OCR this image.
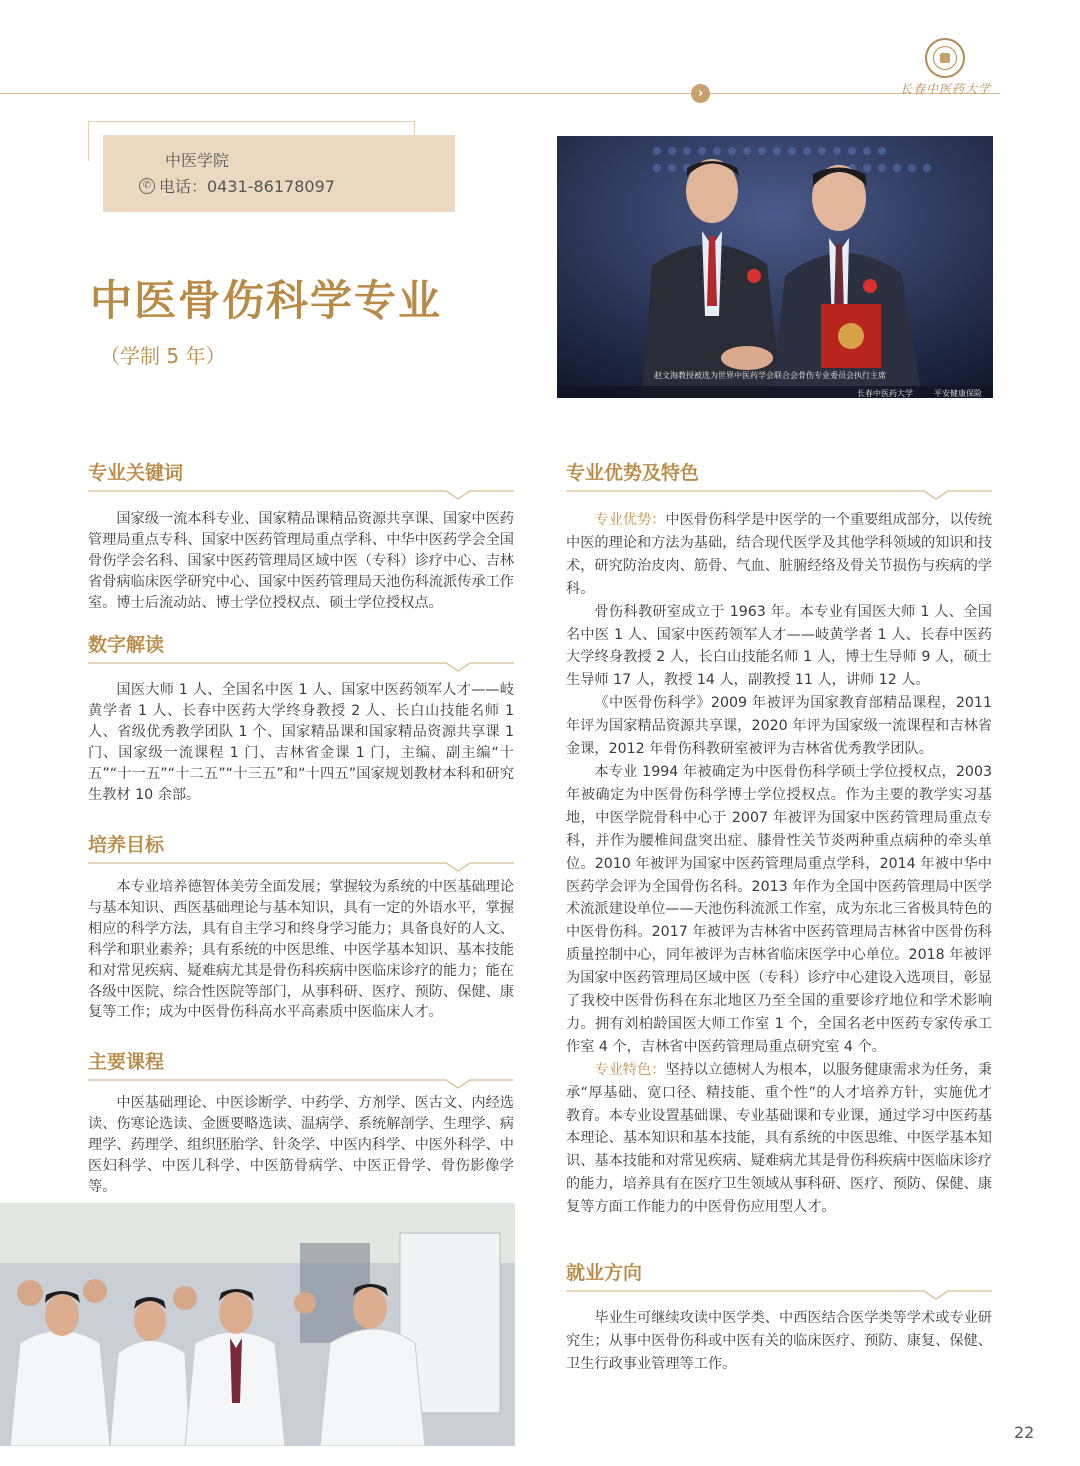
›	长春中医药大学
中医学院
✆ 电话：0431-86178097
中医骨伤科学专业
（学制 5 年）
赵文海教授被选为世界中医药学会联合会骨伤专业委员会执行主席
长春中医药大学	平安健康保险
专业关键词
国家级一流本科专业、国家精品课精品资源共享课、国家中医药管理局重点专科、国家中医药管理局重点学科、中华中医药学会全国骨伤学会名科、国家中医药管理局区域中医（专科）诊疗中心、吉林省骨病临床医学研究中心、国家中医药管理局天池伤科流派传承工作室。博士后流动站、博士学位授权点、硕士学位授权点。
数字解读
国医大师 1 人、全国名中医 1 人、国家中医药领军人才——岐黄学者 1 人、长春中医药大学终身教授 2 人、长白山技能名师 1 人、省级优秀教学团队 1 个、国家精品课和国家精品资源共享课 1 门、国家级一流课程 1 门、吉林省金课 1 门，主编、副主编“十五”“十一五”“十二五”“十三五”和“十四五”国家规划教材本科和研究生教材 10 余部。
培养目标
本专业培养德智体美劳全面发展；掌握较为系统的中医基础理论与基本知识、西医基础理论与基本知识，具有一定的外语水平，掌握相应的科学方法，具有自主学习和终身学习能力；具备良好的人文、科学和职业素养；具有系统的中医思维、中医学基本知识、基本技能和对常见疾病、疑难病尤其是骨伤科疾病中医临床诊疗的能力；能在各级中医院、综合性医院等部门，从事科研、医疗、预防、保健、康复等工作；成为中医骨伤科高水平高素质中医临床人才。
主要课程
中医基础理论、中医诊断学、中药学、方剂学、医古文、内经选读、伤寒论选读、金匮要略选读、温病学、系统解剖学、生理学、病理学、药理学、组织胚胎学、针灸学、中医内科学、中医外科学、中医妇科学、中医儿科学、中医筋骨病学、中医正骨学、骨伤影像学等。
专业优势及特色

专业优势：中医骨伤科学是中医学的一个重要组成部分，以传统中医的理论和方法为基础，结合现代医学及其他学科领域的知识和技术，研究防治皮肉、筋骨、气血、脏腑经络及骨关节损伤与疾病的学科。

骨伤科教研室成立于 1963 年。本专业有国医大师 1 人、全国名中医 1 人、国家中医药领军人才——岐黄学者 1 人、长春中医药大学终身教授 2 人，长白山技能名师 1 人，博士生导师 9 人，硕士生导师 17 人，教授 14 人，副教授 11 人，讲师 12 人。

《中医骨伤科学》2009 年被评为国家教育部精品课程，2011 年评为国家精品资源共享课，2020 年评为国家级一流课程和吉林省金课，2012 年骨伤科教研室被评为吉林省优秀教学团队。

本专业 1994 年被确定为中医骨伤科学硕士学位授权点，2003 年被确定为中医骨伤科学博士学位授权点。作为主要的教学实习基地，中医学院骨科中心于 2007 年被评为国家中医药管理局重点专科，并作为腰椎间盘突出症、膝骨性关节炎两种重点病种的牵头单位。2010 年被评为国家中医药管理局重点学科，2014 年被中华中医药学会评为全国骨伤名科。2013 年作为全国中医药管理局中医学术流派建设单位——天池伤科流派工作室，成为东北三省极具特色的中医骨伤科。2017 年被评为吉林省中医药管理局吉林省中医骨伤科质量控制中心，同年被评为吉林省临床医学中心单位。2018 年被评为国家中医药管理局区域中医（专科）诊疗中心建设入选项目，彰显了我校中医骨伤科在东北地区乃至全国的重要诊疗地位和学术影响力。拥有刘柏龄国医大师工作室 1 个，全国名老中医药专家传承工作室 4 个，吉林省中医药管理局重点研究室 4 个。

专业特色：坚持以立德树人为根本，以服务健康需求为任务，秉承“厚基础、宽口径、精技能、重个性”的人才培养方针，实施优才教育。本专业设置基础课、专业基础课和专业课，通过学习中医药基本理论、基本知识和基本技能，具有系统的中医思维、中医学基本知识、基本技能和对常见疾病、疑难病尤其是骨伤科疾病中医临床诊疗的能力，培养具有在医疗卫生领域从事科研、医疗、预防、保健、康复等方面工作能力的中医骨伤应用型人才。

就业方向
毕业生可继续攻读中医学类、中西医结合医学类等学术或专业研究生；从事中医骨伤科或中医有关的临床医疗、预防、康复、保健、卫生行政事业管理等工作。
22
